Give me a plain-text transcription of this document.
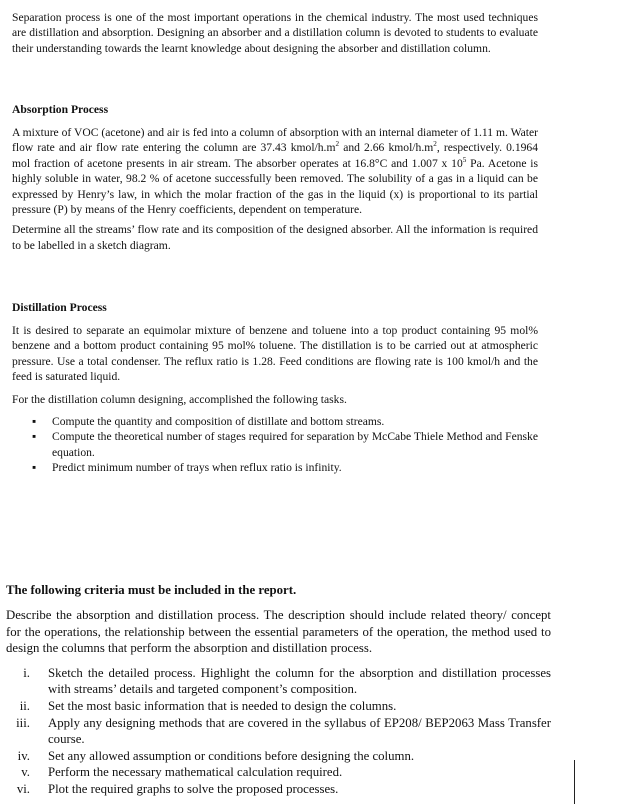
Separation process is one of the most important operations in the chemical industry. The most used techniques are distillation and absorption. Designing an absorber and a distillation column is devoted to students to evaluate their understanding towards the learnt knowledge about designing the absorber and distillation column.

Absorption Process

A mixture of VOC (acetone) and air is fed into a column of absorption with an internal diameter of 1.11 m. Water flow rate and air flow rate entering the column are 37.43 kmol/$h.m^2$ and 2.66 kmol/$h.m^2$, respectively. 0.1964 mol fraction of acetone presents in air stream. The absorber operates at 16.8°C and 1.007 x $10^5$ Pa. Acetone is highly soluble in water, 98.2 % of acetone successfully been removed. The solubility of a gas in a liquid can be expressed by Henry’s law, in which the molar fraction of the gas in the liquid (x) is proportional to its partial pressure (P) by means of the Henry coefficients, dependent on temperature.

Determine all the streams’ flow rate and its composition of the designed absorber. All the information is required to be labelled in a sketch diagram.

Distillation Process

It is desired to separate an equimolar mixture of benzene and toluene into a top product containing 95 mol% benzene and a bottom product containing 95 mol% toluene. The distillation is to be carried out at atmospheric pressure. Use a total condenser. The reflux ratio is 1.28. Feed conditions are flowing rate is 100 kmol/h and the feed is saturated liquid.

For the distillation column designing, accomplished the following tasks.

▪ Compute the quantity and composition of distillate and bottom streams.
▪ Compute the theoretical number of stages required for separation by McCabe Thiele Method and Fenske equation.
▪ Predict minimum number of trays when reflux ratio is infinity.
The following criteria must be included in the report.

Describe the absorption and distillation process. The description should include related theory/ concept for the operations, the relationship between the essential parameters of the operation, the method used to design the columns that perform the absorption and distillation process.

i. Sketch the detailed process. Highlight the column for the absorption and distillation processes with streams’ details and targeted component’s composition.
ii. Set the most basic information that is needed to design the columns.
iii. Apply any designing methods that are covered in the syllabus of EP208/ BEP2063 Mass Transfer course.
iv. Set any allowed assumption or conditions before designing the column.
v. Perform the necessary mathematical calculation required.
vi. Plot the required graphs to solve the proposed processes.
